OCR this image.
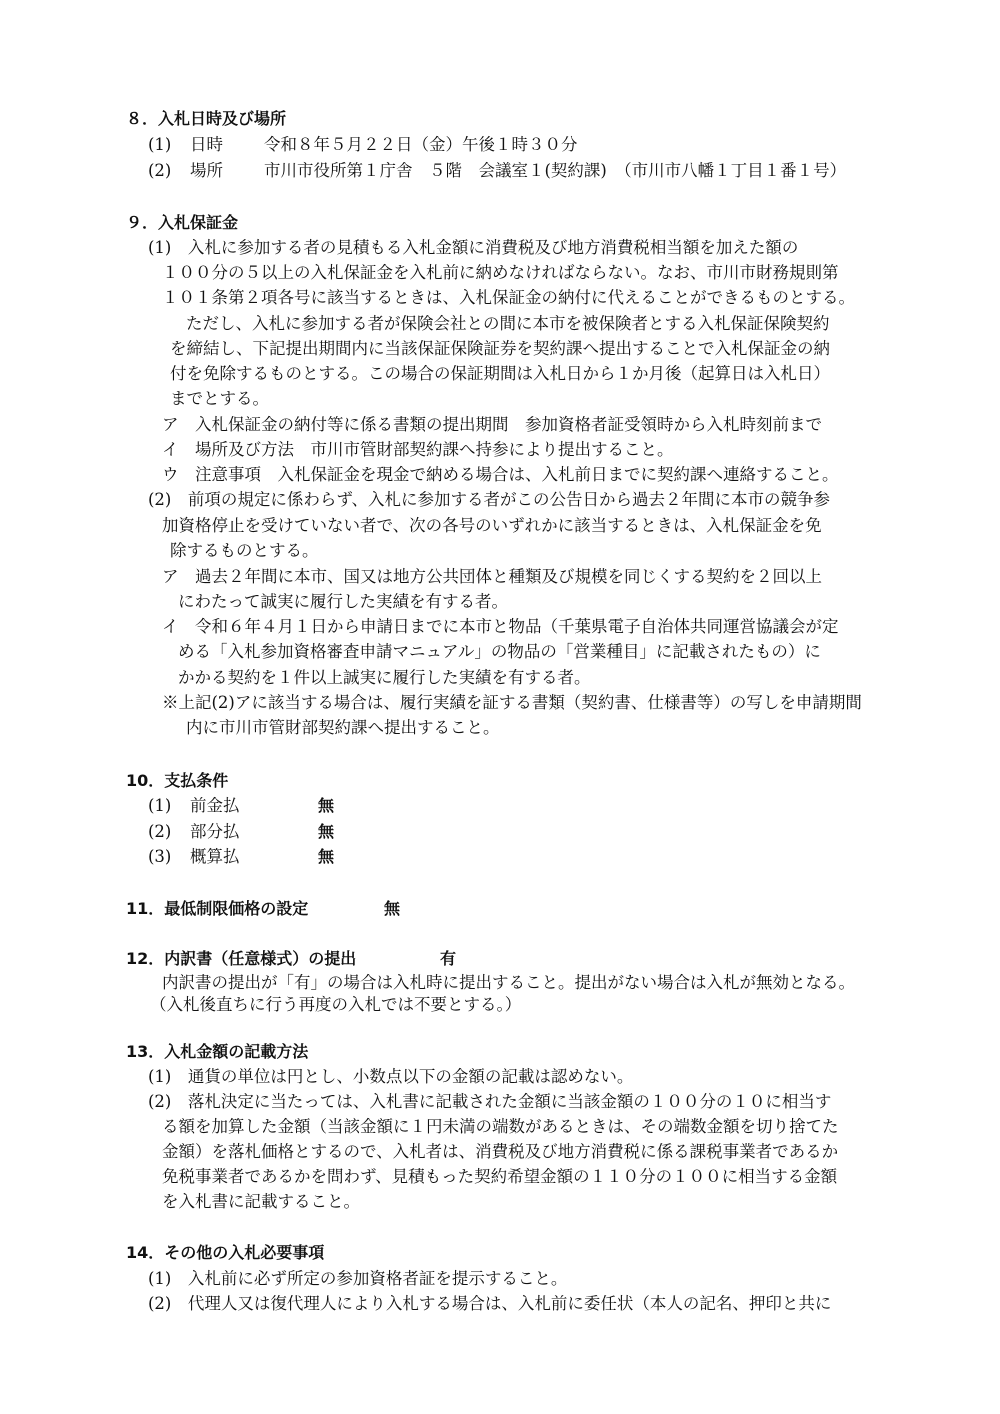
８．入札日時及び場所
(1) 日時 令和８年５月２２日（金）午後１時３０分
(2) 場所 市川市役所第１庁舎　５階　会議室１(契約課)　（市川市八幡１丁目１番１号）
９．入札保証金
(1)　入札に参加する者の見積もる入札金額に消費税及び地方消費税相当額を加えた額の
１００分の５以上の入札保証金を入札前に納めなければならない。なお、市川市財務規則第
１０１条第２項各号に該当するときは、入札保証金の納付に代えることができるものとする。
ただし、入札に参加する者が保険会社との間に本市を被保険者とする入札保証保険契約
を締結し、下記提出期間内に当該保証保険証券を契約課へ提出することで入札保証金の納
付を免除するものとする。この場合の保証期間は入札日から１か月後（起算日は入札日）
までとする。
ア　入札保証金の納付等に係る書類の提出期間　参加資格者証受領時から入札時刻前まで
イ　場所及び方法　市川市管財部契約課へ持参により提出すること。
ウ　注意事項　入札保証金を現金で納める場合は、入札前日までに契約課へ連絡すること。
(2)　前項の規定に係わらず、入札に参加する者がこの公告日から過去２年間に本市の競争参
加資格停止を受けていない者で、次の各号のいずれかに該当するときは、入札保証金を免
除するものとする。
ア　過去２年間に本市、国又は地方公共団体と種類及び規模を同じくする契約を２回以上
にわたって誠実に履行した実績を有する者。
イ　令和６年４月１日から申請日までに本市と物品（千葉県電子自治体共同運営協議会が定
める「入札参加資格審査申請マニュアル」の物品の「営業種目」に記載されたもの）に
かかる契約を１件以上誠実に履行した実績を有する者。
※上記(2)アに該当する場合は、履行実績を証する書類（契約書、仕様書等）の写しを申請期間
内に市川市管財部契約課へ提出すること。
10．支払条件
(1) 前金払	無
(2) 部分払	無
(3) 概算払	無
11．最低制限価格の設定	無
12．内訳書（任意様式）の提出	有
内訳書の提出が「有」の場合は入札時に提出すること。提出がない場合は入札が無効となる。
（入札後直ちに行う再度の入札では不要とする。）
13．入札金額の記載方法
(1)　通貨の単位は円とし、小数点以下の金額の記載は認めない。
(2)　落札決定に当たっては、入札書に記載された金額に当該金額の１００分の１０に相当す
る額を加算した金額（当該金額に１円未満の端数があるときは、その端数金額を切り捨てた
金額）を落札価格とするので、入札者は、消費税及び地方消費税に係る課税事業者であるか
免税事業者であるかを問わず、見積もった契約希望金額の１１０分の１００に相当する金額
を入札書に記載すること。
14．その他の入札必要事項
(1)　入札前に必ず所定の参加資格者証を提示すること。
(2)　代理人又は復代理人により入札する場合は、入札前に委任状（本人の記名、押印と共に
